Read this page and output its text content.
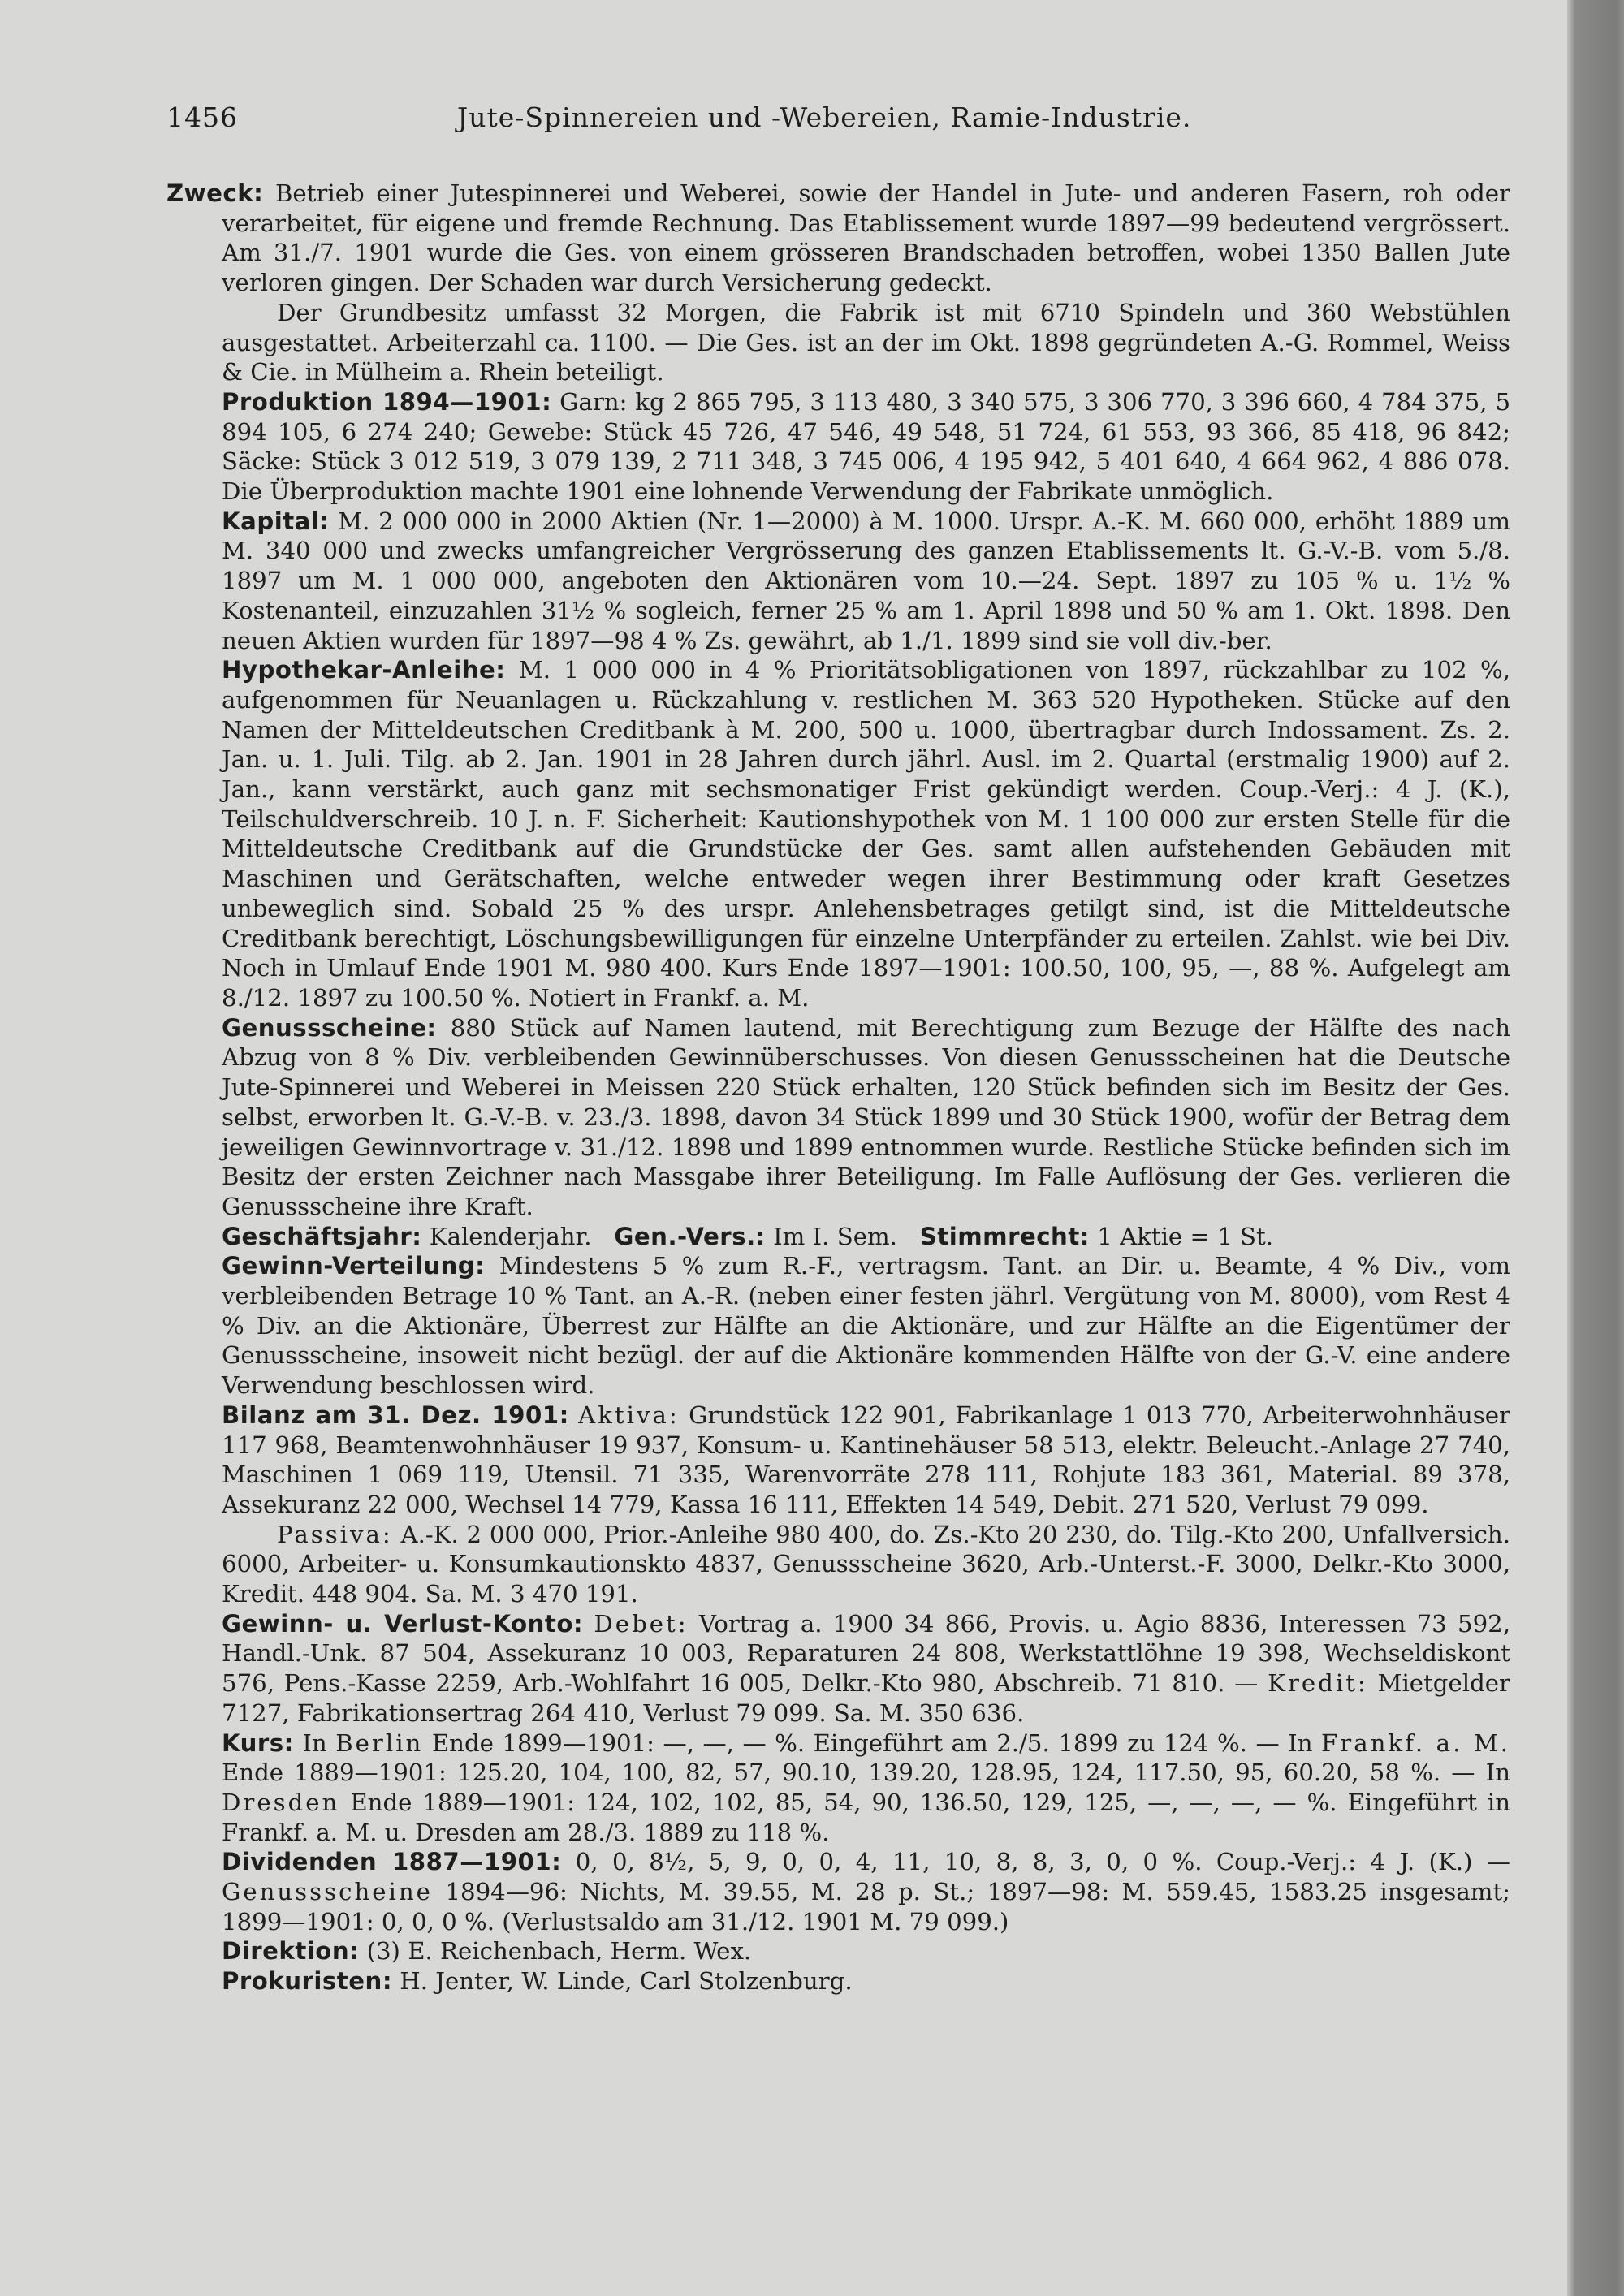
1456	Jute-Spinnereien und -Webereien, Ramie-Industrie.

Zweck: Betrieb einer Jutespinnerei und Weberei, sowie der Handel in Jute- und anderen Fasern, roh oder verarbeitet, für eigene und fremde Rechnung. Das Etablissement wurde 1897—99 bedeutend vergrössert. Am 31./7. 1901 wurde die Ges. von einem grösseren Brandschaden betroffen, wobei 1350 Ballen Jute verloren gingen. Der Schaden war durch Versicherung gedeckt.

Der Grundbesitz umfasst 32 Morgen, die Fabrik ist mit 6710 Spindeln und 360 Webstühlen ausgestattet. Arbeiterzahl ca. 1100. — Die Ges. ist an der im Okt. 1898 gegründeten A.-G. Rommel, Weiss & Cie. in Mülheim a. Rhein beteiligt.

Produktion 1894—1901: Garn: kg 2 865 795, 3 113 480, 3 340 575, 3 306 770, 3 396 660, 4 784 375, 5 894 105, 6 274 240; Gewebe: Stück 45 726, 47 546, 49 548, 51 724, 61 553, 93 366, 85 418, 96 842; Säcke: Stück 3 012 519, 3 079 139, 2 711 348, 3 745 006, 4 195 942, 5 401 640, 4 664 962, 4 886 078. Die Überproduktion machte 1901 eine lohnende Verwendung der Fabrikate unmöglich.

Kapital: M. 2 000 000 in 2000 Aktien (Nr. 1—2000) à M. 1000. Urspr. A.-K. M. 660 000, erhöht 1889 um M. 340 000 und zwecks umfangreicher Vergrösserung des ganzen Etablissements lt. G.-V.-B. vom 5./8. 1897 um M. 1 000 000, angeboten den Aktionären vom 10.—24. Sept. 1897 zu 105 % u. 1½ % Kostenanteil, einzuzahlen 31½ % sogleich, ferner 25 % am 1. April 1898 und 50 % am 1. Okt. 1898. Den neuen Aktien wurden für 1897—98 4 % Zs. gewährt, ab 1./1. 1899 sind sie voll div.-ber.

Hypothekar-Anleihe: M. 1 000 000 in 4 % Prioritätsobligationen von 1897, rückzahlbar zu 102 %, aufgenommen für Neuanlagen u. Rückzahlung v. restlichen M. 363 520 Hypotheken. Stücke auf den Namen der Mitteldeutschen Creditbank à M. 200, 500 u. 1000, übertragbar durch Indossament. Zs. 2. Jan. u. 1. Juli. Tilg. ab 2. Jan. 1901 in 28 Jahren durch jährl. Ausl. im 2. Quartal (erstmalig 1900) auf 2. Jan., kann verstärkt, auch ganz mit sechsmonatiger Frist gekündigt werden. Coup.-Verj.: 4 J. (K.), Teilschuldverschreib. 10 J. n. F. Sicherheit: Kautionshypothek von M. 1 100 000 zur ersten Stelle für die Mitteldeutsche Creditbank auf die Grundstücke der Ges. samt allen aufstehenden Gebäuden mit Maschinen und Gerätschaften, welche entweder wegen ihrer Bestimmung oder kraft Gesetzes unbeweglich sind. Sobald 25 % des urspr. Anlehensbetrages getilgt sind, ist die Mitteldeutsche Creditbank berechtigt, Löschungsbewilligungen für einzelne Unterpfänder zu erteilen. Zahlst. wie bei Div. Noch in Umlauf Ende 1901 M. 980 400. Kurs Ende 1897—1901: 100.50, 100, 95, —, 88 %. Aufgelegt am 8./12. 1897 zu 100.50 %. Notiert in Frankf. a. M.

Genussscheine: 880 Stück auf Namen lautend, mit Berechtigung zum Bezuge der Hälfte des nach Abzug von 8 % Div. verbleibenden Gewinnüberschusses. Von diesen Genussscheinen hat die Deutsche Jute-Spinnerei und Weberei in Meissen 220 Stück erhalten, 120 Stück befinden sich im Besitz der Ges. selbst, erworben lt. G.-V.-B. v. 23./3. 1898, davon 34 Stück 1899 und 30 Stück 1900, wofür der Betrag dem jeweiligen Gewinnvortrage v. 31./12. 1898 und 1899 entnommen wurde. Restliche Stücke befinden sich im Besitz der ersten Zeichner nach Massgabe ihrer Beteiligung. Im Falle Auflösung der Ges. verlieren die Genussscheine ihre Kraft.

Geschäftsjahr: Kalenderjahr. Gen.-Vers.: Im I. Sem. Stimmrecht: 1 Aktie = 1 St.

Gewinn-Verteilung: Mindestens 5 % zum R.-F., vertragsm. Tant. an Dir. u. Beamte, 4 % Div., vom verbleibenden Betrage 10 % Tant. an A.-R. (neben einer festen jährl. Vergütung von M. 8000), vom Rest 4 % Div. an die Aktionäre, Überrest zur Hälfte an die Aktionäre, und zur Hälfte an die Eigentümer der Genussscheine, insoweit nicht bezügl. der auf die Aktionäre kommenden Hälfte von der G.-V. eine andere Verwendung beschlossen wird.

Bilanz am 31. Dez. 1901: Aktiva: Grundstück 122 901, Fabrikanlage 1 013 770, Arbeiterwohnhäuser 117 968, Beamtenwohnhäuser 19 937, Konsum- u. Kantinehäuser 58 513, elektr. Beleucht.-Anlage 27 740, Maschinen 1 069 119, Utensil. 71 335, Warenvorräte 278 111, Rohjute 183 361, Material. 89 378, Assekuranz 22 000, Wechsel 14 779, Kassa 16 111, Effekten 14 549, Debit. 271 520, Verlust 79 099.

Passiva: A.-K. 2 000 000, Prior.-Anleihe 980 400, do. Zs.-Kto 20 230, do. Tilg.-Kto 200, Unfallversich. 6000, Arbeiter- u. Konsumkautionskto 4837, Genussscheine 3620, Arb.-Unterst.-F. 3000, Delkr.-Kto 3000, Kredit. 448 904. Sa. M. 3 470 191.

Gewinn- u. Verlust-Konto: Debet: Vortrag a. 1900 34 866, Provis. u. Agio 8836, Interessen 73 592, Handl.-Unk. 87 504, Assekuranz 10 003, Reparaturen 24 808, Werkstattlöhne 19 398, Wechseldiskont 576, Pens.-Kasse 2259, Arb.-Wohlfahrt 16 005, Delkr.-Kto 980, Abschreib. 71 810. — Kredit: Mietgelder 7127, Fabrikationsertrag 264 410, Verlust 79 099. Sa. M. 350 636.

Kurs: In Berlin Ende 1899—1901: —, —, — %. Eingeführt am 2./5. 1899 zu 124 %. — In Frankf. a. M. Ende 1889—1901: 125.20, 104, 100, 82, 57, 90.10, 139.20, 128.95, 124, 117.50, 95, 60.20, 58 %. — In Dresden Ende 1889—1901: 124, 102, 102, 85, 54, 90, 136.50, 129, 125, —, —, —, — %. Eingeführt in Frankf. a. M. u. Dresden am 28./3. 1889 zu 118 %.

Dividenden 1887—1901: 0, 0, 8½, 5, 9, 0, 0, 4, 11, 10, 8, 8, 3, 0, 0 %. Coup.-Verj.: 4 J. (K.) — Genussscheine 1894—96: Nichts, M. 39.55, M. 28 p. St.; 1897—98: M. 559.45, 1583.25 insgesamt; 1899—1901: 0, 0, 0 %. (Verlustsaldo am 31./12. 1901 M. 79 099.)

Direktion: (3) E. Reichenbach, Herm. Wex.

Prokuristen: H. Jenter, W. Linde, Carl Stolzenburg.
